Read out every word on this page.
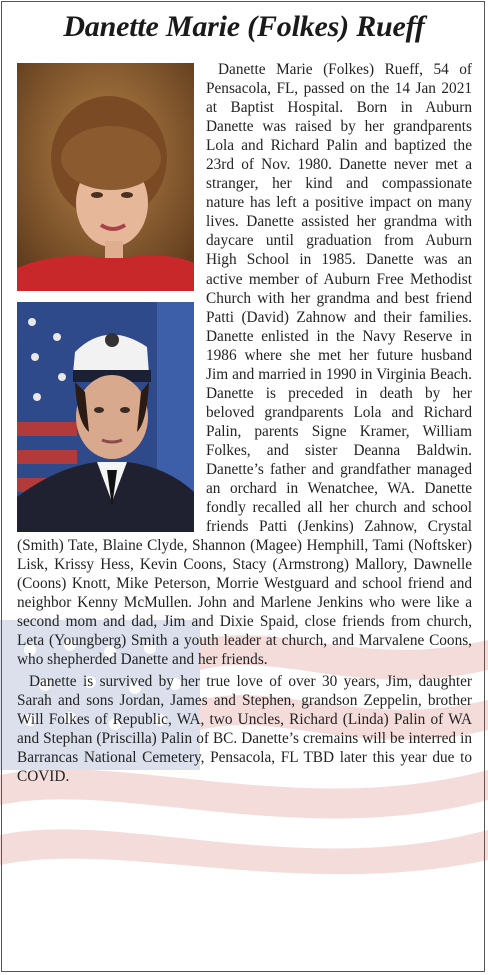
Danette Marie (Folkes) Rueff

Danette Marie (Folkes) Rueff, 54 of Pensacola, FL, passed on the 14 Jan 2021 at Baptist Hospital. Born in Auburn Danette was raised by her grandparents Lola and Richard Palin and baptized the 23rd of Nov. 1980. Danette never met a stranger, her kind and compassionate nature has left a positive impact on many lives. Danette assisted her grandma with daycare until graduation from Auburn High School in 1985. Danette was an active member of Auburn Free Methodist Church with her grandma and best friend Patti (David) Zahnow and their families. Danette enlisted in the Navy Reserve in 1986 where she met her future husband Jim and married in 1990 in Virginia Beach. Danette is preceded in death by her beloved grandparents Lola and Richard Palin, parents Signe Kramer, William Folkes, and sister Deanna Baldwin. Danette’s father and grandfather managed an orchard in Wenatchee, WA. Danette fondly recalled all her church and school friends Patti (Jenkins) Zahnow, Crystal (Smith) Tate, Blaine Clyde, Shannon (Magee) Hemphill, Tami (Noftsker) Lisk, Krissy Hess, Kevin Coons, Stacy (Armstrong) Mallory, Dawnelle (Coons) Knott, Mike Peterson, Morrie Westguard and school friend and neighbor Kenny McMullen. John and Marlene Jenkins who were like a second mom and dad, Jim and Dixie Spaid, close friends from church, Leta (Youngberg) Smith a youth leader at church, and Marvalene Coons, who shepherded Danette and her friends.

Danette is survived by her true love of over 30 years, Jim, daughter Sarah and sons Jordan, James and Stephen, grandson Zeppelin, brother Will Folkes of Republic, WA, two Uncles, Richard (Linda) Palin of WA and Stephan (Priscilla) Palin of BC. Danette’s cremains will be interred in Barrancas National Cemetery, Pensacola, FL TBD later this year due to COVID.
